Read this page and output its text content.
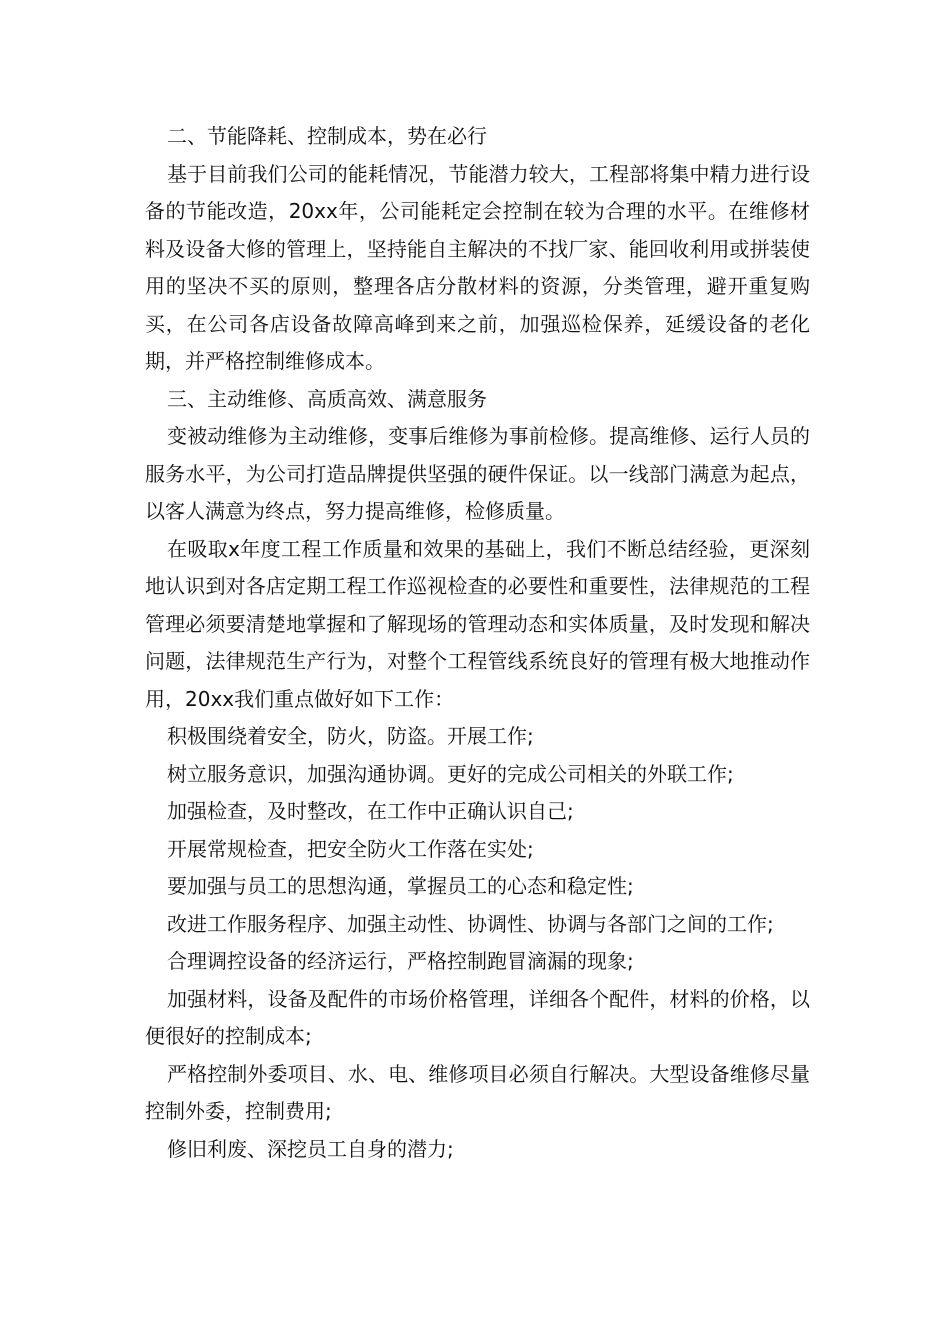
二、节能降耗、控制成本，势在必行

基于目前我们公司的能耗情况，节能潜力较大，工程部将集中精力进行设备的节能改造，20xx年，公司能耗定会控制在较为合理的水平。在维修材料及设备大修的管理上，坚持能自主解决的不找厂家、能回收利用或拼装使用的坚决不买的原则，整理各店分散材料的资源，分类管理，避开重复购买，在公司各店设备故障高峰到来之前，加强巡检保养，延缓设备的老化期，并严格控制维修成本。

三、主动维修、高质高效、满意服务

变被动维修为主动维修，变事后维修为事前检修。提高维修、运行人员的服务水平，为公司打造品牌提供坚强的硬件保证。以一线部门满意为起点，以客人满意为终点，努力提高维修，检修质量。

在吸取x年度工程工作质量和效果的基础上，我们不断总结经验，更深刻地认识到对各店定期工程工作巡视检查的必要性和重要性，法律规范的工程管理必须要清楚地掌握和了解现场的管理动态和实体质量，及时发现和解决问题，法律规范生产行为，对整个工程管线系统良好的管理有极大地推动作用，20xx我们重点做好如下工作：

积极围绕着安全，防火，防盗。开展工作;

树立服务意识，加强沟通协调。更好的完成公司相关的外联工作;

加强检查，及时整改，在工作中正确认识自己;

开展常规检查，把安全防火工作落在实处;

要加强与员工的思想沟通，掌握员工的心态和稳定性;

改进工作服务程序、加强主动性、协调性、协调与各部门之间的工作;

合理调控设备的经济运行，严格控制跑冒滴漏的现象;

加强材料，设备及配件的市场价格管理，详细各个配件，材料的价格，以便很好的控制成本;

严格控制外委项目、水、电、维修项目必须自行解决。大型设备维修尽量控制外委，控制费用;

修旧利废、深挖员工自身的潜力;
